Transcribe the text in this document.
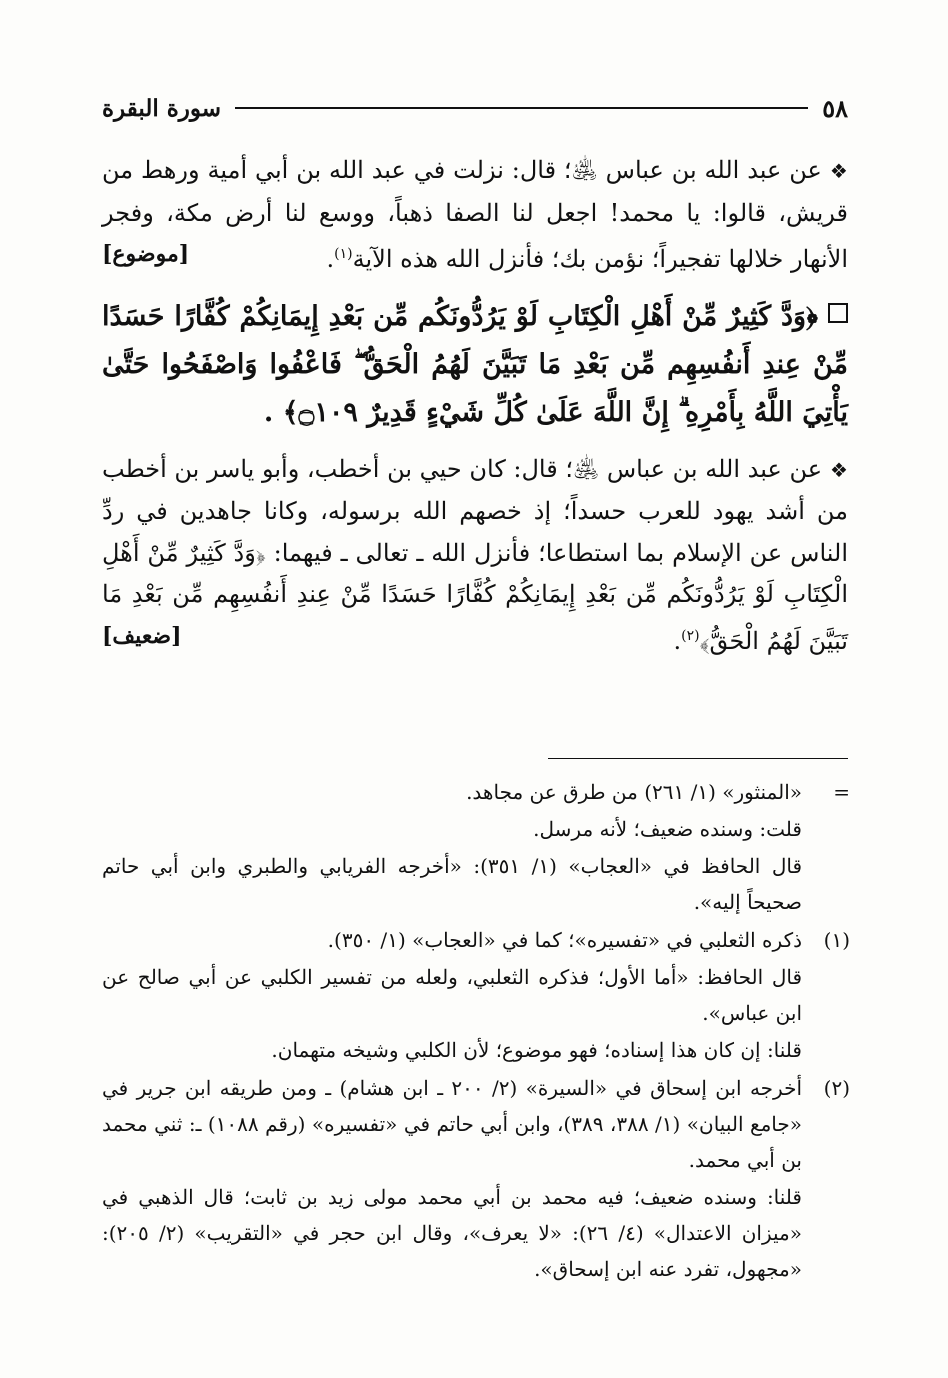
٥٨
سورة البقرة

❖عن عبد الله بن عباس ﵁؛ قال: نزلت في عبد الله بن أبي أمية ورهط من قريش، قالوا: يا محمد! اجعل لنا الصفا ذهباً، ووسع لنا أرض مكة، وفجر الأنهار خلالها تفجيراً؛ نؤمن بك؛ فأنزل الله هذه الآية$^{(١)}$.
[موضوع]

﴿وَدَّ كَثِيرٌ مِّنْ أَهْلِ الْكِتَابِ لَوْ يَرُدُّونَكُم مِّن بَعْدِ إِيمَانِكُمْ كُفَّارًا حَسَدًا مِّنْ عِندِ أَنفُسِهِم مِّن بَعْدِ مَا تَبَيَّنَ لَهُمُ الْحَقُّ ۖ فَاعْفُوا وَاصْفَحُوا حَتَّىٰ يَأْتِيَ اللَّهُ بِأَمْرِهِ ۗ إِنَّ اللَّهَ عَلَىٰ كُلِّ شَيْءٍ قَدِيرٌ ۝١٠٩﴾ .

❖عن عبد الله بن عباس ﵁؛ قال: كان حيي بن أخطب، وأبو ياسر بن أخطب من أشد يهود للعرب حسداً؛ إذ خصهم الله برسوله، وكانا جاهدين في ردِّ الناس عن الإسلام بما استطاعا؛ فأنزل الله ـ تعالى ـ فيهما: ﴿وَدَّ كَثِيرٌ مِّنْ أَهْلِ الْكِتَابِ لَوْ يَرُدُّونَكُم مِّن بَعْدِ إِيمَانِكُمْ كُفَّارًا حَسَدًا مِّنْ عِندِ أَنفُسِهِم مِّن بَعْدِ مَا تَبَيَّنَ لَهُمُ الْحَقُّ﴾$^{(٢)}$.
[ضعيف]

=

«المنثور» (١/ ٢٦١) من طرق عن مجاهد.

قلت: وسنده ضعيف؛ لأنه مرسل.

قال الحافظ في «العجاب» (١/ ٣٥١): «أخرجه الفريابي والطبري وابن أبي حاتم صحيحاً إليه».

(١)

ذكره الثعلبي في «تفسيره»؛ كما في «العجاب» (١/ ٣٥٠).

قال الحافظ: «أما الأول؛ فذكره الثعلبي، ولعله من تفسير الكلبي عن أبي صالح عن ابن عباس».

قلنا: إن كان هذا إسناده؛ فهو موضوع؛ لأن الكلبي وشيخه متهمان.

(٢)

أخرجه ابن إسحاق في «السيرة» (٢/ ٢٠٠ ـ ابن هشام) ـ ومن طريقه ابن جرير في «جامع البيان» (١/ ٣٨٨، ٣٨٩)، وابن أبي حاتم في «تفسيره» (رقم ١٠٨٨) ـ: ثني محمد بن أبي محمد.

قلنا: وسنده ضعيف؛ فيه محمد بن أبي محمد مولى زيد بن ثابت؛ قال الذهبي في «ميزان الاعتدال» (٤/ ٢٦): «لا يعرف»، وقال ابن حجر في «التقريب» (٢/ ٢٠٥): «مجهول، تفرد عنه ابن إسحاق».
